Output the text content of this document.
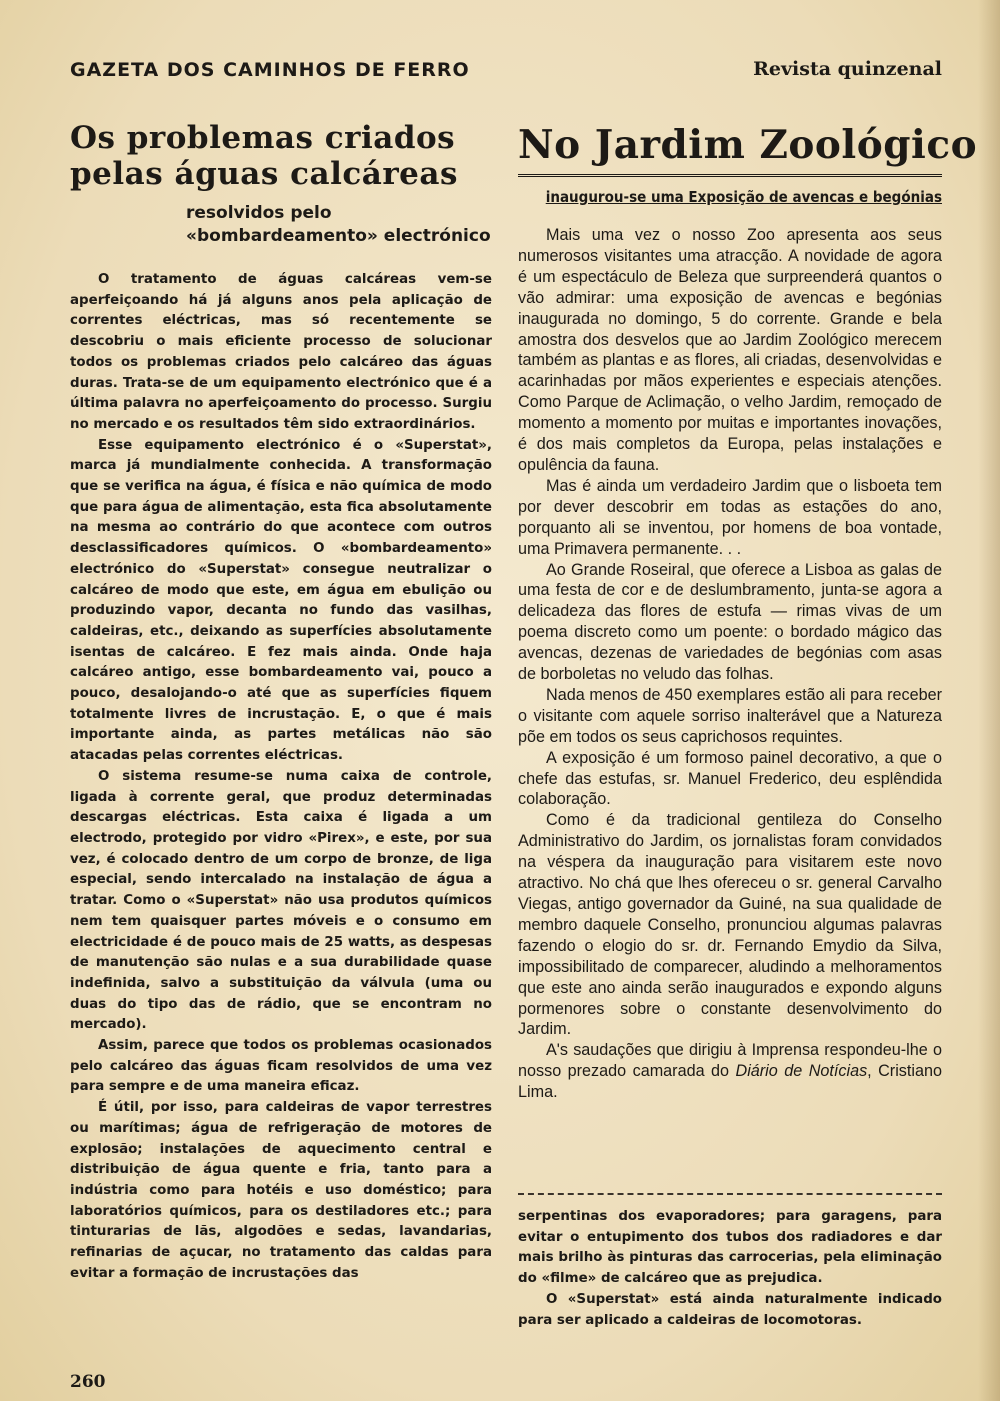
GAZETA DOS CAMINHOS DE FERRO	Revista quinzenal
Os problemas criados pelas águas calcáreas
resolvidos pelo «bombardeamento» electrónico

O tratamento de águas calcáreas vem-se aperfeiçoando há já alguns anos pela aplicação de correntes eléctricas, mas só recentemente se descobriu o mais eficiente processo de solucionar todos os problemas criados pelo calcáreo das águas duras. Trata-se de um equipamento electrónico que é a última palavra no aperfeiçoamento do processo. Surgiu no mercado e os resultados têm sido extraordinários.

Esse equipamento electrónico é o «Superstat», marca já mundialmente conhecida. A transformação que se verifica na água, é física e não química de modo que para água de alimentação, esta fica absolutamente na mesma ao contrário do que acontece com outros desclassificadores químicos. O «bombardeamento» electrónico do «Superstat» consegue neutralizar o calcáreo de modo que este, em água em ebulição ou produzindo vapor, decanta no fundo das vasilhas, caldeiras, etc., deixando as superfícies absolutamente isentas de calcáreo. E fez mais ainda. Onde haja calcáreo antigo, esse bombardeamento vai, pouco a pouco, desalojando-o até que as superfícies fiquem totalmente livres de incrustação. E, o que é mais importante ainda, as partes metálicas não são atacadas pelas correntes eléctricas.

O sistema resume-se numa caixa de controle, ligada à corrente geral, que produz determinadas descargas eléctricas. Esta caixa é ligada a um electrodo, protegido por vidro «Pirex», e este, por sua vez, é colocado dentro de um corpo de bronze, de liga especial, sendo intercalado na instalação de água a tratar. Como o «Superstat» não usa produtos químicos nem tem quaisquer partes móveis e o consumo em electricidade é de pouco mais de 25 watts, as despesas de manutenção são nulas e a sua durabilidade quase indefinida, salvo a substituição da válvula (uma ou duas do tipo das de rádio, que se encontram no mercado).

Assim, parece que todos os problemas ocasionados pelo calcáreo das águas ficam resolvidos de uma vez para sempre e de uma maneira eficaz.

É útil, por isso, para caldeiras de vapor terrestres ou marítimas; água de refrigeração de motores de explosão; instalações de aquecimento central e distribuição de água quente e fria, tanto para a indústria como para hotéis e uso doméstico; para laboratórios químicos, para os destiladores etc.; para tinturarias de lãs, algodões e sedas, lavandarias, refinarias de açucar, no tratamento das caldas para evitar a formação de incrustações das

No Jardim Zoológico
inaugurou-se uma Exposição de avencas e begónias

Mais uma vez o nosso Zoo apresenta aos seus numerosos visitantes uma atracção. A novidade de agora é um espectáculo de Beleza que surpreenderá quantos o vão admirar: uma exposição de avencas e begónias inaugurada no domingo, 5 do corrente. Grande e bela amostra dos desvelos que ao Jardim Zoológico merecem também as plantas e as flores, ali criadas, desenvolvidas e acarinhadas por mãos experientes e especiais atenções. Como Parque de Aclimação, o velho Jardim, remoçado de momento a momento por muitas e importantes inovações, é dos mais completos da Europa, pelas instalações e opulência da fauna.

Mas é ainda um verdadeiro Jardim que o lisboeta tem por dever descobrir em todas as estações do ano, porquanto ali se inventou, por homens de boa vontade, uma Primavera permanente. . .

Ao Grande Roseiral, que oferece a Lisboa as galas de uma festa de cor e de deslumbramento, junta-se agora a delicadeza das flores de estufa — rimas vivas de um poema discreto como um poente: o bordado mágico das avencas, dezenas de variedades de begónias com asas de borboletas no veludo das folhas.

Nada menos de 450 exemplares estão ali para receber o visitante com aquele sorriso inalterável que a Natureza põe em todos os seus caprichosos requintes.

A exposição é um formoso painel decorativo, a que o chefe das estufas, sr. Manuel Frederico, deu esplêndida colaboração.

Como é da tradicional gentileza do Conselho Administrativo do Jardim, os jornalistas foram convidados na véspera da inauguração para visitarem este novo atractivo. No chá que lhes ofereceu o sr. general Carvalho Viegas, antigo governador da Guiné, na sua qualidade de membro daquele Conselho, pronunciou algumas palavras fazendo o elogio do sr. dr. Fernando Emydio da Silva, impossibilitado de comparecer, aludindo a melhoramentos que este ano ainda serão inaugurados e expondo alguns pormenores sobre o constante desenvolvimento do Jardim.

A's saudações que dirigiu à Imprensa respondeu-lhe o nosso prezado camarada do Diário de Notícias, Cristiano Lima.

serpentinas dos evaporadores; para garagens, para evitar o entupimento dos tubos dos radiadores e dar mais brilho às pinturas das carrocerias, pela eliminação do «filme» de calcáreo que as prejudica.

O «Superstat» está ainda naturalmente indicado para ser aplicado a caldeiras de locomotoras.

260
